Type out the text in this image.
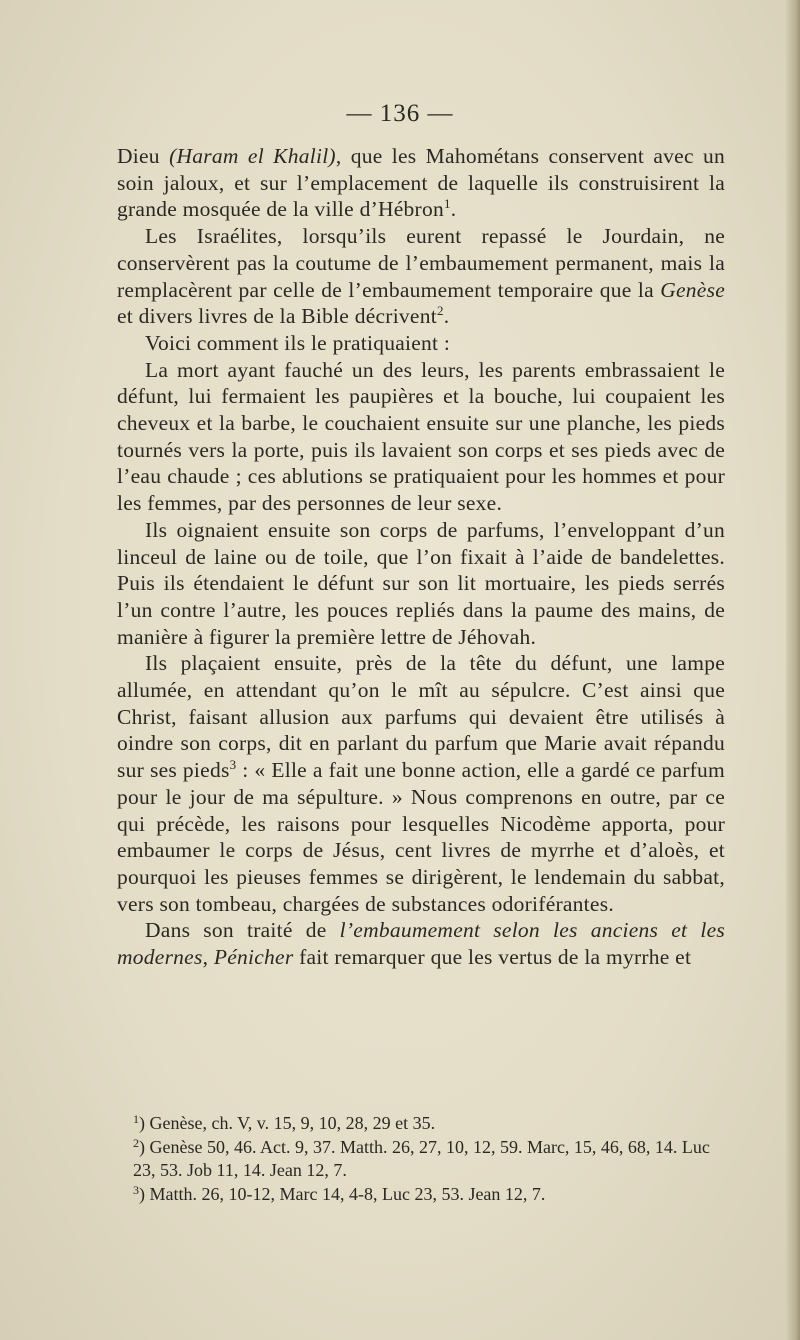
— 136 —

Dieu (Haram el Khalil), que les Mahométans conservent avec un soin jaloux, et sur l’emplacement de laquelle ils construisirent la grande mosquée de la ville d’Hébron$^1$.

Les Israélites, lorsqu’ils eurent repassé le Jourdain, ne conservèrent pas la coutume de l’embaumement permanent, mais la remplacèrent par celle de l’embaumement temporaire que la Genèse et divers livres de la Bible décrivent$^2$.

Voici comment ils le pratiquaient :

La mort ayant fauché un des leurs, les parents embrassaient le défunt, lui fermaient les paupières et la bouche, lui coupaient les cheveux et la barbe, le couchaient ensuite sur une planche, les pieds tournés vers la porte, puis ils lavaient son corps et ses pieds avec de l’eau chaude ; ces ablutions se pratiquaient pour les hommes et pour les femmes, par des personnes de leur sexe.

Ils oignaient ensuite son corps de parfums, l’enveloppant d’un linceul de laine ou de toile, que l’on fixait à l’aide de bandelettes. Puis ils étendaient le défunt sur son lit mortuaire, les pieds serrés l’un contre l’autre, les pouces repliés dans la paume des mains, de manière à figurer la première lettre de Jéhovah.

Ils plaçaient ensuite, près de la tête du défunt, une lampe allumée, en attendant qu’on le mît au sépulcre. C’est ainsi que Christ, faisant allusion aux parfums qui devaient être utilisés à oindre son corps, dit en parlant du parfum que Marie avait répandu sur ses pieds$^3$ : « Elle a fait une bonne action, elle a gardé ce parfum pour le jour de ma sépulture. » Nous comprenons en outre, par ce qui précède, les raisons pour lesquelles Nicodème apporta, pour embaumer le corps de Jésus, cent livres de myrrhe et d’aloès, et pourquoi les pieuses femmes se dirigèrent, le lendemain du sabbat, vers son tombeau, chargées de substances odoriférantes.

Dans son traité de l’embaumement selon les anciens et les modernes, Pénicher fait remarquer que les vertus de la myrrhe et

$^1$) Genèse, ch. V, v. 15, 9, 10, 28, 29 et 35.

$^2$) Genèse 50, 46. Act. 9, 37. Matth. 26, 27, 10, 12, 59. Marc, 15, 46, 68, 14. Luc 23, 53. Job 11, 14. Jean 12, 7.

$^3$) Matth. 26, 10-12, Marc 14, 4-8, Luc 23, 53. Jean 12, 7.
